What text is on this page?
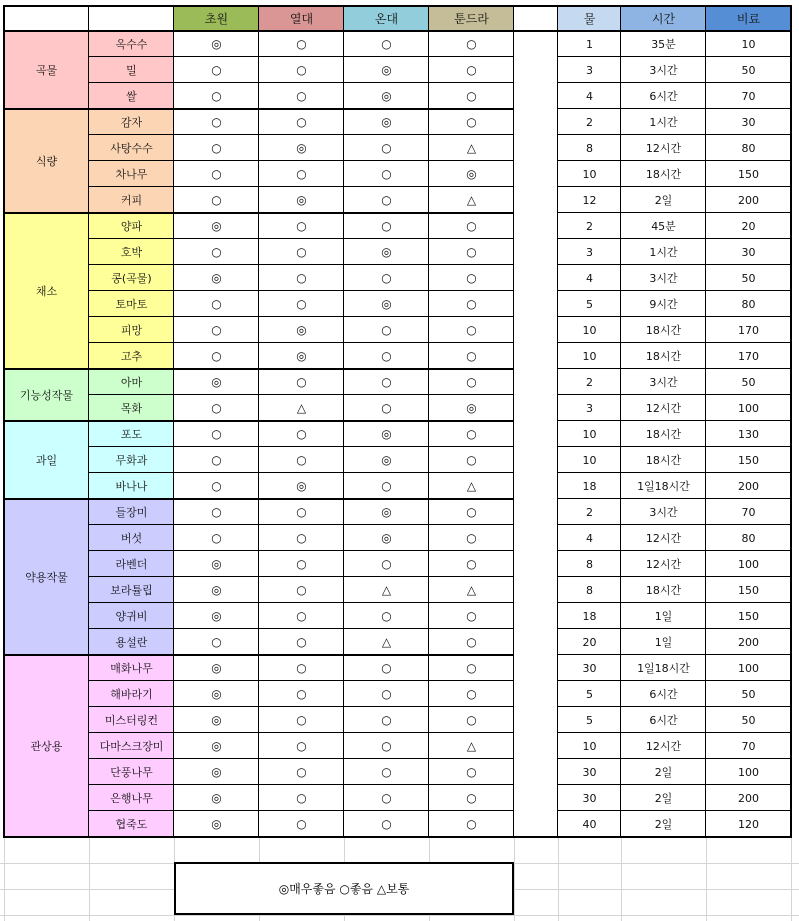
초원	열대	온대	툰드라	물	시간	비료
곡물
옥수수	◎	○	○	○	1	35분	10
밀	○	○	◎	○	3	3시간	50
쌀	○	○	◎	○	4	6시간	70
식량
감자	○	○	◎	○	2	1시간	30
사탕수수	○	◎	○	△	8	12시간	80
차나무	○	○	○	◎	10	18시간	150
커피	○	◎	○	△	12	2일	200
채소
양파	◎	○	○	○	2	45분	20
호박	○	○	◎	○	3	1시간	30
콩(곡물)	◎	○	○	○	4	3시간	50
토마토	○	○	◎	○	5	9시간	80
피망	○	◎	○	○	10	18시간	170
고추	○	◎	○	○	10	18시간	170
기능성작물
아마	◎	○	○	○	2	3시간	50
목화	○	△	○	◎	3	12시간	100
과일
포도	○	○	◎	○	10	18시간	130
무화과	○	○	◎	○	10	18시간	150
바나나	○	◎	○	△	18	1일18시간	200
약용작물
들장미	○	○	◎	○	2	3시간	70
버섯	○	○	◎	○	4	12시간	80
라벤더	◎	○	○	○	8	12시간	100
보라튤립	◎	○	△	△	8	18시간	150
양귀비	◎	○	○	○	18	1일	150
용설란	○	○	△	○	20	1일	200
관상용
매화나무	◎	○	○	○	30	1일18시간	100
해바라기	◎	○	○	○	5	6시간	50
미스터링컨	◎	○	○	○	5	6시간	50
다마스크장미	◎	○	○	△	10	12시간	70
단풍나무	◎	○	○	○	30	2일	100
은행나무	◎	○	○	○	30	2일	200
협죽도	◎	○	○	○	40	2일	120
◎매우좋음 ○좋음 △보통
